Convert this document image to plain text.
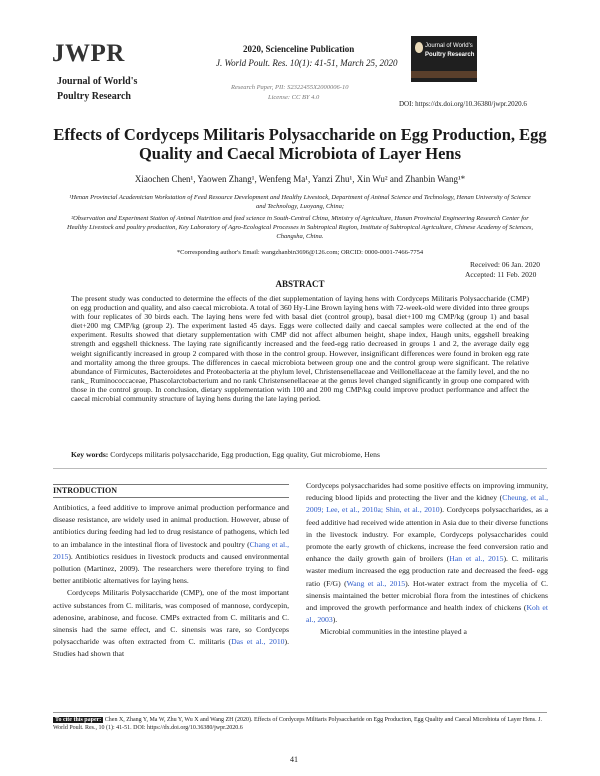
JWPR
Journal of World's
Poultry Research
Journal of World's
Poultry Research
2020, Scienceline Publication
J. World Poult. Res. 10(1): 41-51, March 25, 2020
Research Paper, PII: S2322455X2000006-10
License: CC BY 4.0
DOI: https://dx.doi.org/10.36380/jwpr.2020.6
Effects of Cordyceps Militaris Polysaccharide on Egg Production, Egg Quality and Caecal Microbiota of Layer Hens
Xiaochen Chen¹, Yaowen Zhang¹, Wenfeng Ma¹, Yanzi Zhu¹, Xin Wu² and Zhanbin Wang¹*
¹Henan Provincial Academician Workstation of Feed Resource Development and Healthy Livestock, Department of Animal Science and Technology, Henan University of Science and Technology, Luoyang, China;
²Observation and Experiment Station of Animal Nutrition and feed science in South-Central China, Ministry of Agriculture, Hunan Provincial Engineering Research Center for Healthy Livestock and poultry production, Key Laboratory of Agro-Ecological Processes in Subtropical Region, Institute of Subtropical Agriculture, Chinese Academy of Sciences, Changsha, China.
*Corresponding author's Email: wangzhanbin3696@126.com; ORCID: 0000-0001-7466-7754
Received: 06 Jan. 2020
Accepted: 11 Feb. 2020
ABSTRACT
The present study was conducted to determine the effects of the diet supplementation of laying hens with Cordyceps Militaris Polysaccharide (CMP) on egg production and quality, and also caecal microbiota. A total of 360 Hy-Line Brown laying hens with 72-week-old were divided into three groups with four replicates of 30 birds each. The laying hens were fed with basal diet (control group), basal diet+100 mg CMP/kg (group 1) and basal diet+200 mg CMP/kg (group 2). The experiment lasted 45 days. Eggs were collected daily and caecal samples were collected at the end of the experiment. Results showed that dietary supplementation with CMP did not affect albumen height, shape index, Haugh units, eggshell breaking strength and eggshell thickness. The laying rate significantly increased and the feed-egg ratio decreased in groups 1 and 2, the average daily egg weight significantly increased in group 2 compared with those in the control group. However, insignificant differences were found in broken egg rate and mortality among the three groups. The differences in caecal microbiota between group one and the control group were significant. The relative abundance of Firmicutes, Bacteroidetes and Proteobacteria at the phylum level, Christensenellaceae and Veillonellaceae at the family level, and the no rank_ Ruminococcaceae, Phascolarctobacterium and no rank Christensenellaceae at the genus level changed significantly in group one compared with those in the control group. In conclusion, dietary supplementation with 100 and 200 mg CMP/kg could improve product performance and affect the caecal microbial community structure of laying hens during the late laying period.
Key words: Cordyceps militaris polysaccharide, Egg production, Egg quality, Gut microbiome, Hens
INTRODUCTION

Antibiotics, a feed additive to improve animal production performance and disease resistance, are widely used in animal production. However, abuse of antibiotics during feeding had led to drug resistance of pathogens, which led to an imbalance in the intestinal flora of livestock and poultry (Chang et al., 2015). Antibiotics residues in livestock products and caused environmental pollution (Martinez, 2009). The researchers were therefore trying to find better antibiotic alternatives for laying hens.

Cordyceps Militaris Polysaccharide (CMP), one of the most important active substances from C. militaris, was composed of mannose, cordycepin, adenosine, arabinose, and fucose. CMPs extracted from C. militaris and C. sinensis had the same effect, and C. sinensis was rare, so Cordyceps polysaccharide was often extracted from C. militaris (Das et al., 2010). Studies had shown that

Cordyceps polysaccharides had some positive effects on improving immunity, reducing blood lipids and protecting the liver and the kidney (Cheung, et al., 2009; Lee, et al., 2010a; Shin, et al., 2010). Cordyceps polysaccharides, as a feed additive had received wide attention in Asia due to their diverse functions in the livestock industry. For example, Cordyceps polysaccharides could promote the early growth of chickens, increase the feed conversion ratio and enhance the daily growth gain of broilers (Han et al., 2015). C. militaris waster medium increased the egg production rate and decreased the feed- egg ratio (F/G) (Wang et al., 2015). Hot-water extract from the mycelia of C. sinensis maintained the better microbial flora from the intestines of chickens and improved the growth performance and health index of chickens (Koh et al., 2003).

Microbial communities in the intestine played a

To cite this paper: Chen X, Zhang Y, Ma W, Zhu Y, Wu X and Wang ZH (2020). Effects of Cordyceps Militaris Polysaccharide on Egg Production, Egg Quality and Caecal Microbiota of Layer Hens. J. World Poult. Res., 10 (1): 41-51. DOI: https://dx.doi.org/10.36380/jwpr.2020.6
41
